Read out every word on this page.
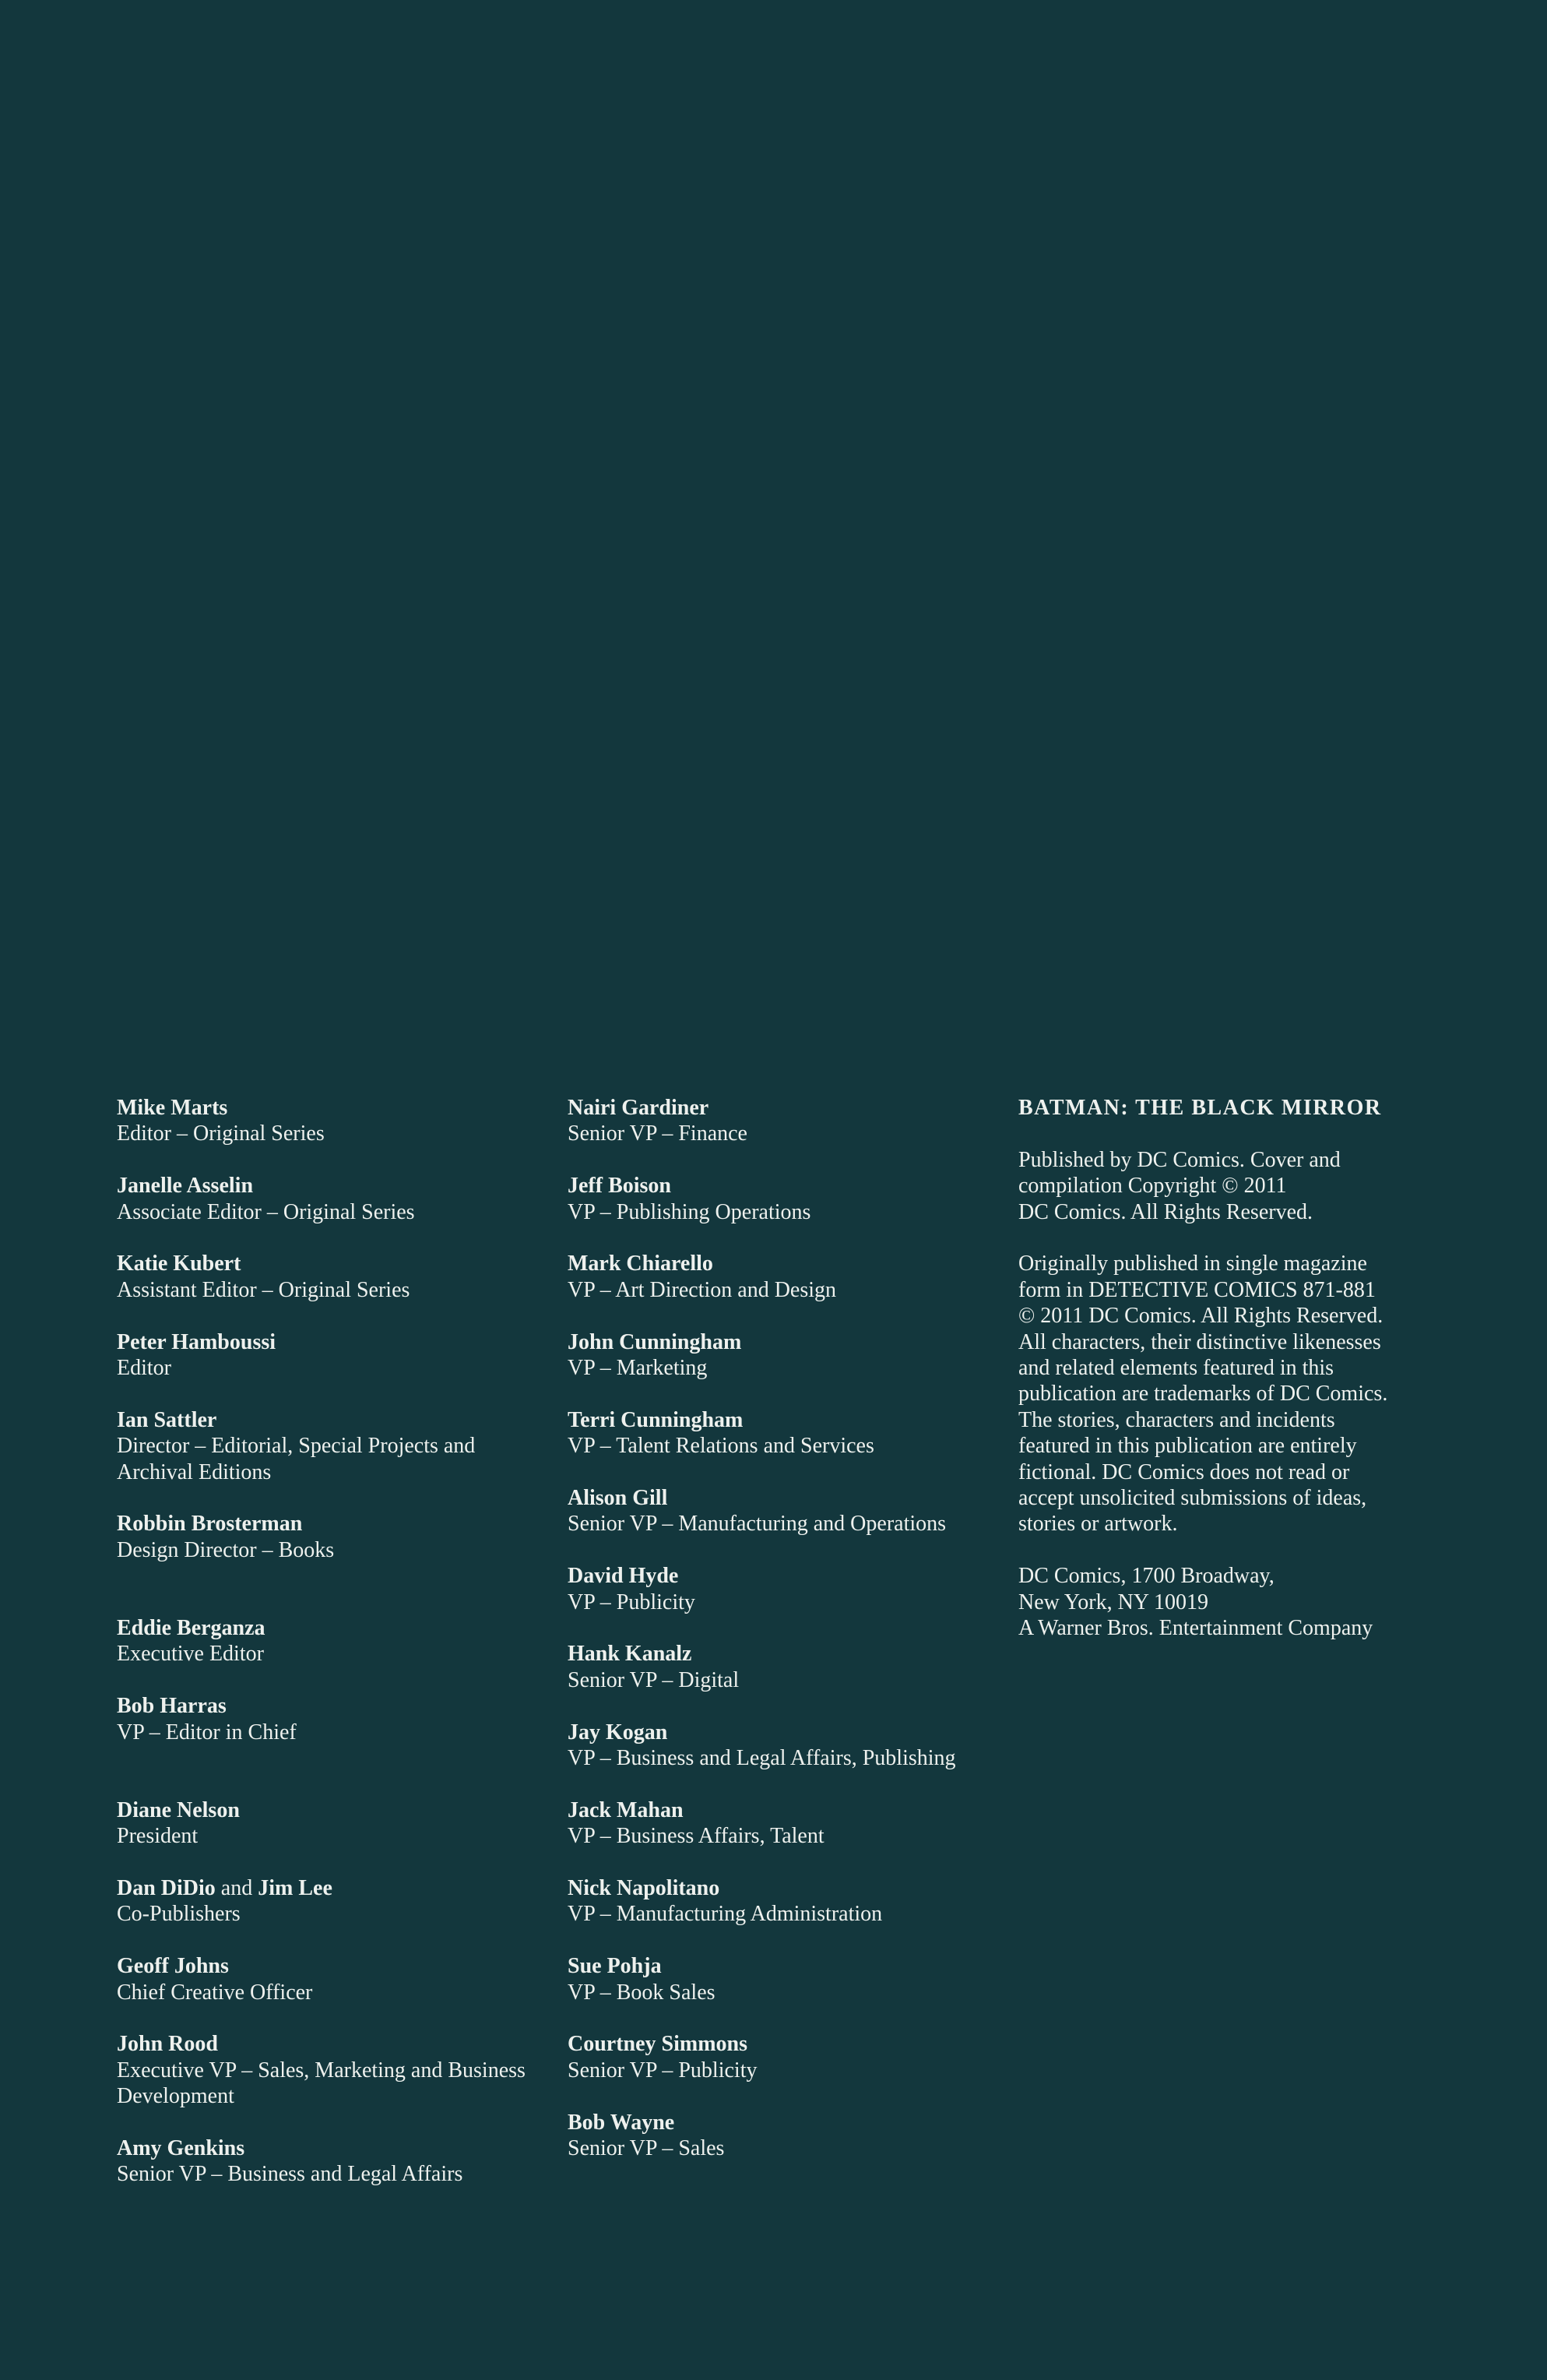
Mike Marts
Editor – Original Series
Janelle Asselin
Associate Editor – Original Series
Katie Kubert
Assistant Editor – Original Series
Peter Hamboussi
Editor
Ian Sattler
Director – Editorial, Special Projects and Archival Editions
Robbin Brosterman
Design Director – Books
Eddie Berganza
Executive Editor
Bob Harras
VP – Editor in Chief
Diane Nelson
President
Dan DiDio and Jim Lee
Co-Publishers
Geoff Johns
Chief Creative Officer
John Rood
Executive VP – Sales, Marketing and Business Development
Amy Genkins
Senior VP – Business and Legal Affairs
Nairi Gardiner
Senior VP – Finance
Jeff Boison
VP – Publishing Operations
Mark Chiarello
VP – Art Direction and Design
John Cunningham
VP – Marketing
Terri Cunningham
VP – Talent Relations and Services
Alison Gill
Senior VP – Manufacturing and Operations
David Hyde
VP – Publicity
Hank Kanalz
Senior VP – Digital
Jay Kogan
VP – Business and Legal Affairs, Publishing
Jack Mahan
VP – Business Affairs, Talent
Nick Napolitano
VP – Manufacturing Administration
Sue Pohja
VP – Book Sales
Courtney Simmons
Senior VP – Publicity
Bob Wayne
Senior VP – Sales
BATMAN: THE BLACK MIRROR
Published by DC Comics. Cover and
compilation Copyright © 2011
DC Comics. All Rights Reserved.
Originally published in single magazine
form in DETECTIVE COMICS 871-881
© 2011 DC Comics. All Rights Reserved.
All characters, their distinctive likenesses
and related elements featured in this
publication are trademarks of DC Comics.
The stories, characters and incidents
featured in this publication are entirely
fictional. DC Comics does not read or
accept unsolicited submissions of ideas,
stories or artwork.
DC Comics, 1700 Broadway,
New York, NY 10019
A Warner Bros. Entertainment Company
